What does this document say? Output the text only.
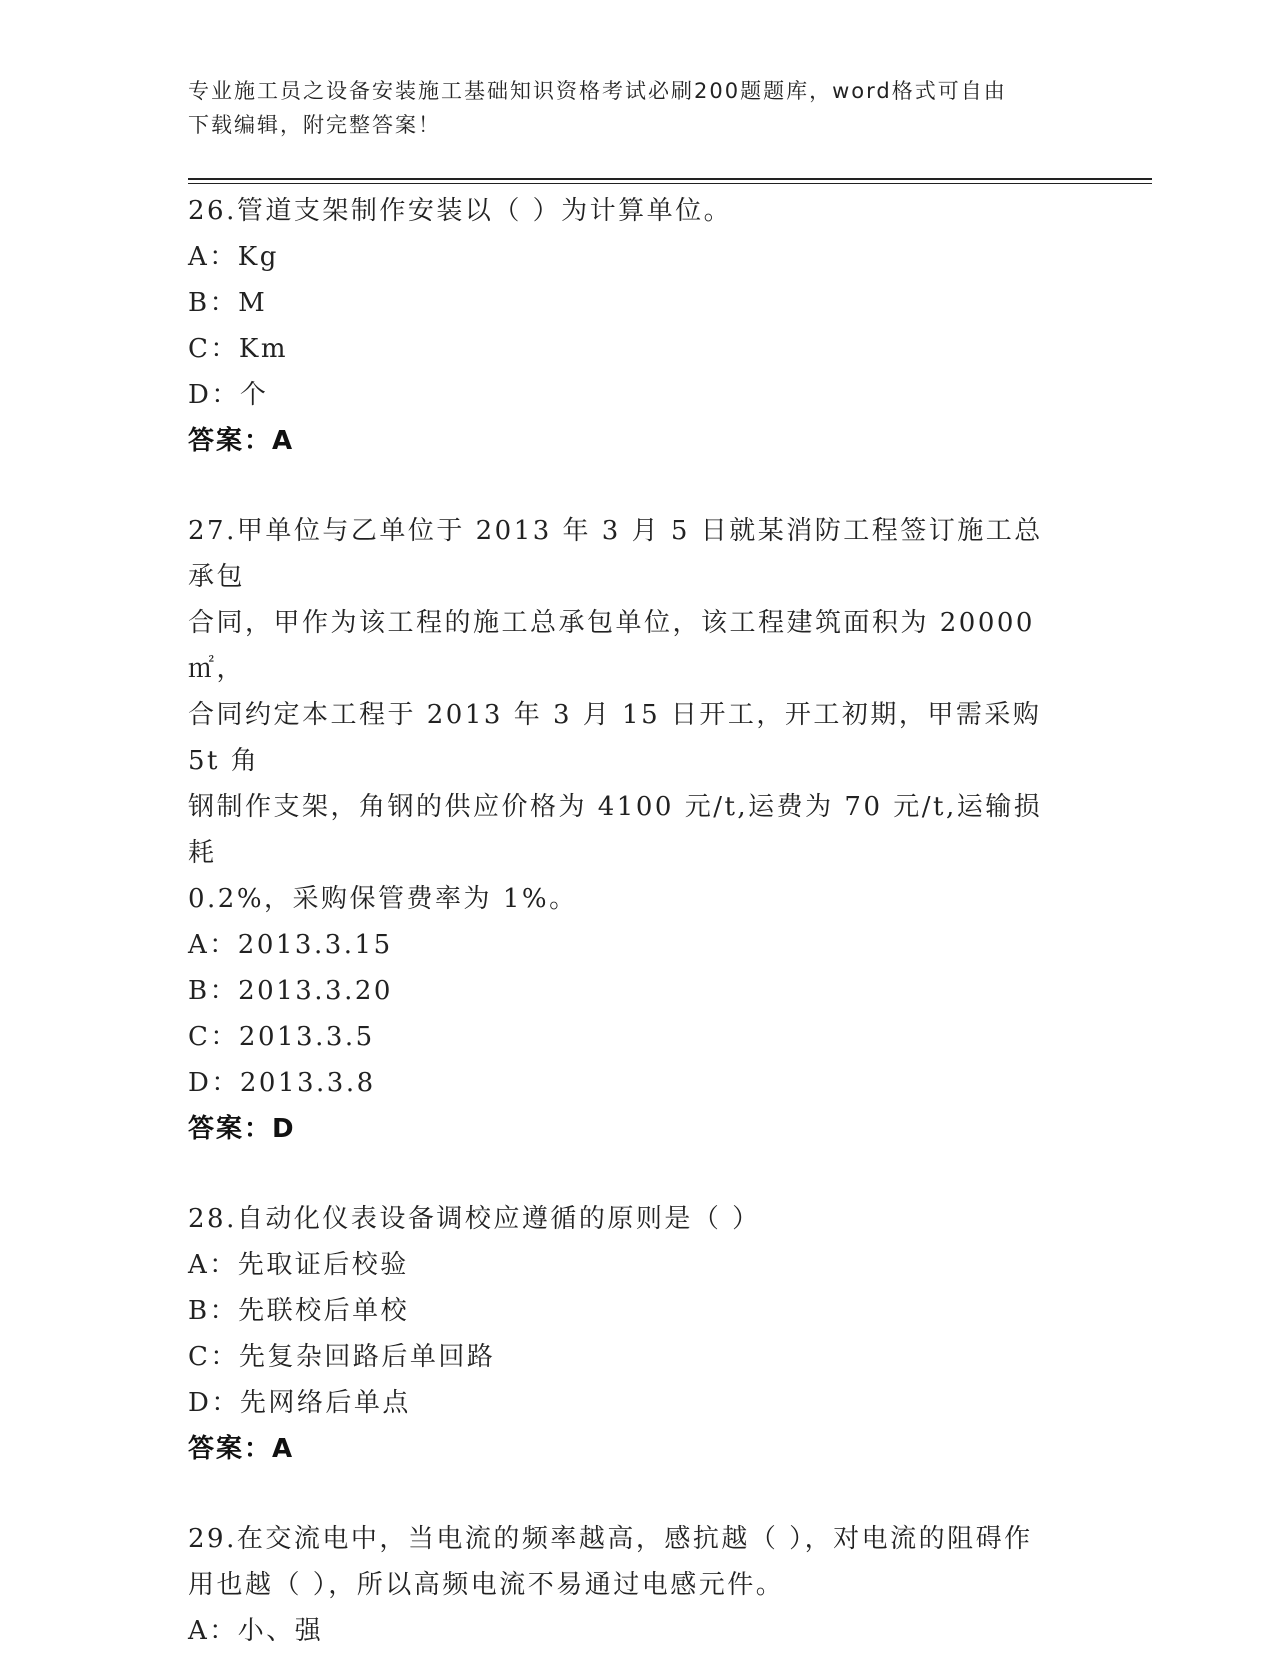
专业施工员之设备安装施工基础知识资格考试必刷200题题库，word格式可自由
下载编辑，附完整答案！
26.管道支架制作安装以（ ）为计算单位。
A：Kg
B：M
C：Km
D：个
答案：A
27.甲单位与乙单位于 2013 年 3 月 5 日就某消防工程签订施工总承包
合同，甲作为该工程的施工总承包单位，该工程建筑面积为 20000㎡，
合同约定本工程于 2013 年 3 月 15 日开工，开工初期，甲需采购 5t 角
钢制作支架，角钢的供应价格为 4100 元/t,运费为 70 元/t,运输损耗
0.2%，采购保管费率为 1%。
A：2013.3.15
B：2013.3.20
C：2013.3.5
D：2013.3.8
答案：D
28.自动化仪表设备调校应遵循的原则是（ ）
A：先取证后校验
B：先联校后单校
C：先复杂回路后单回路
D：先网络后单点
答案：A
29.在交流电中，当电流的频率越高，感抗越（ ），对电流的阻碍作
用也越（ ），所以高频电流不易通过电感元件。
A：小、强
